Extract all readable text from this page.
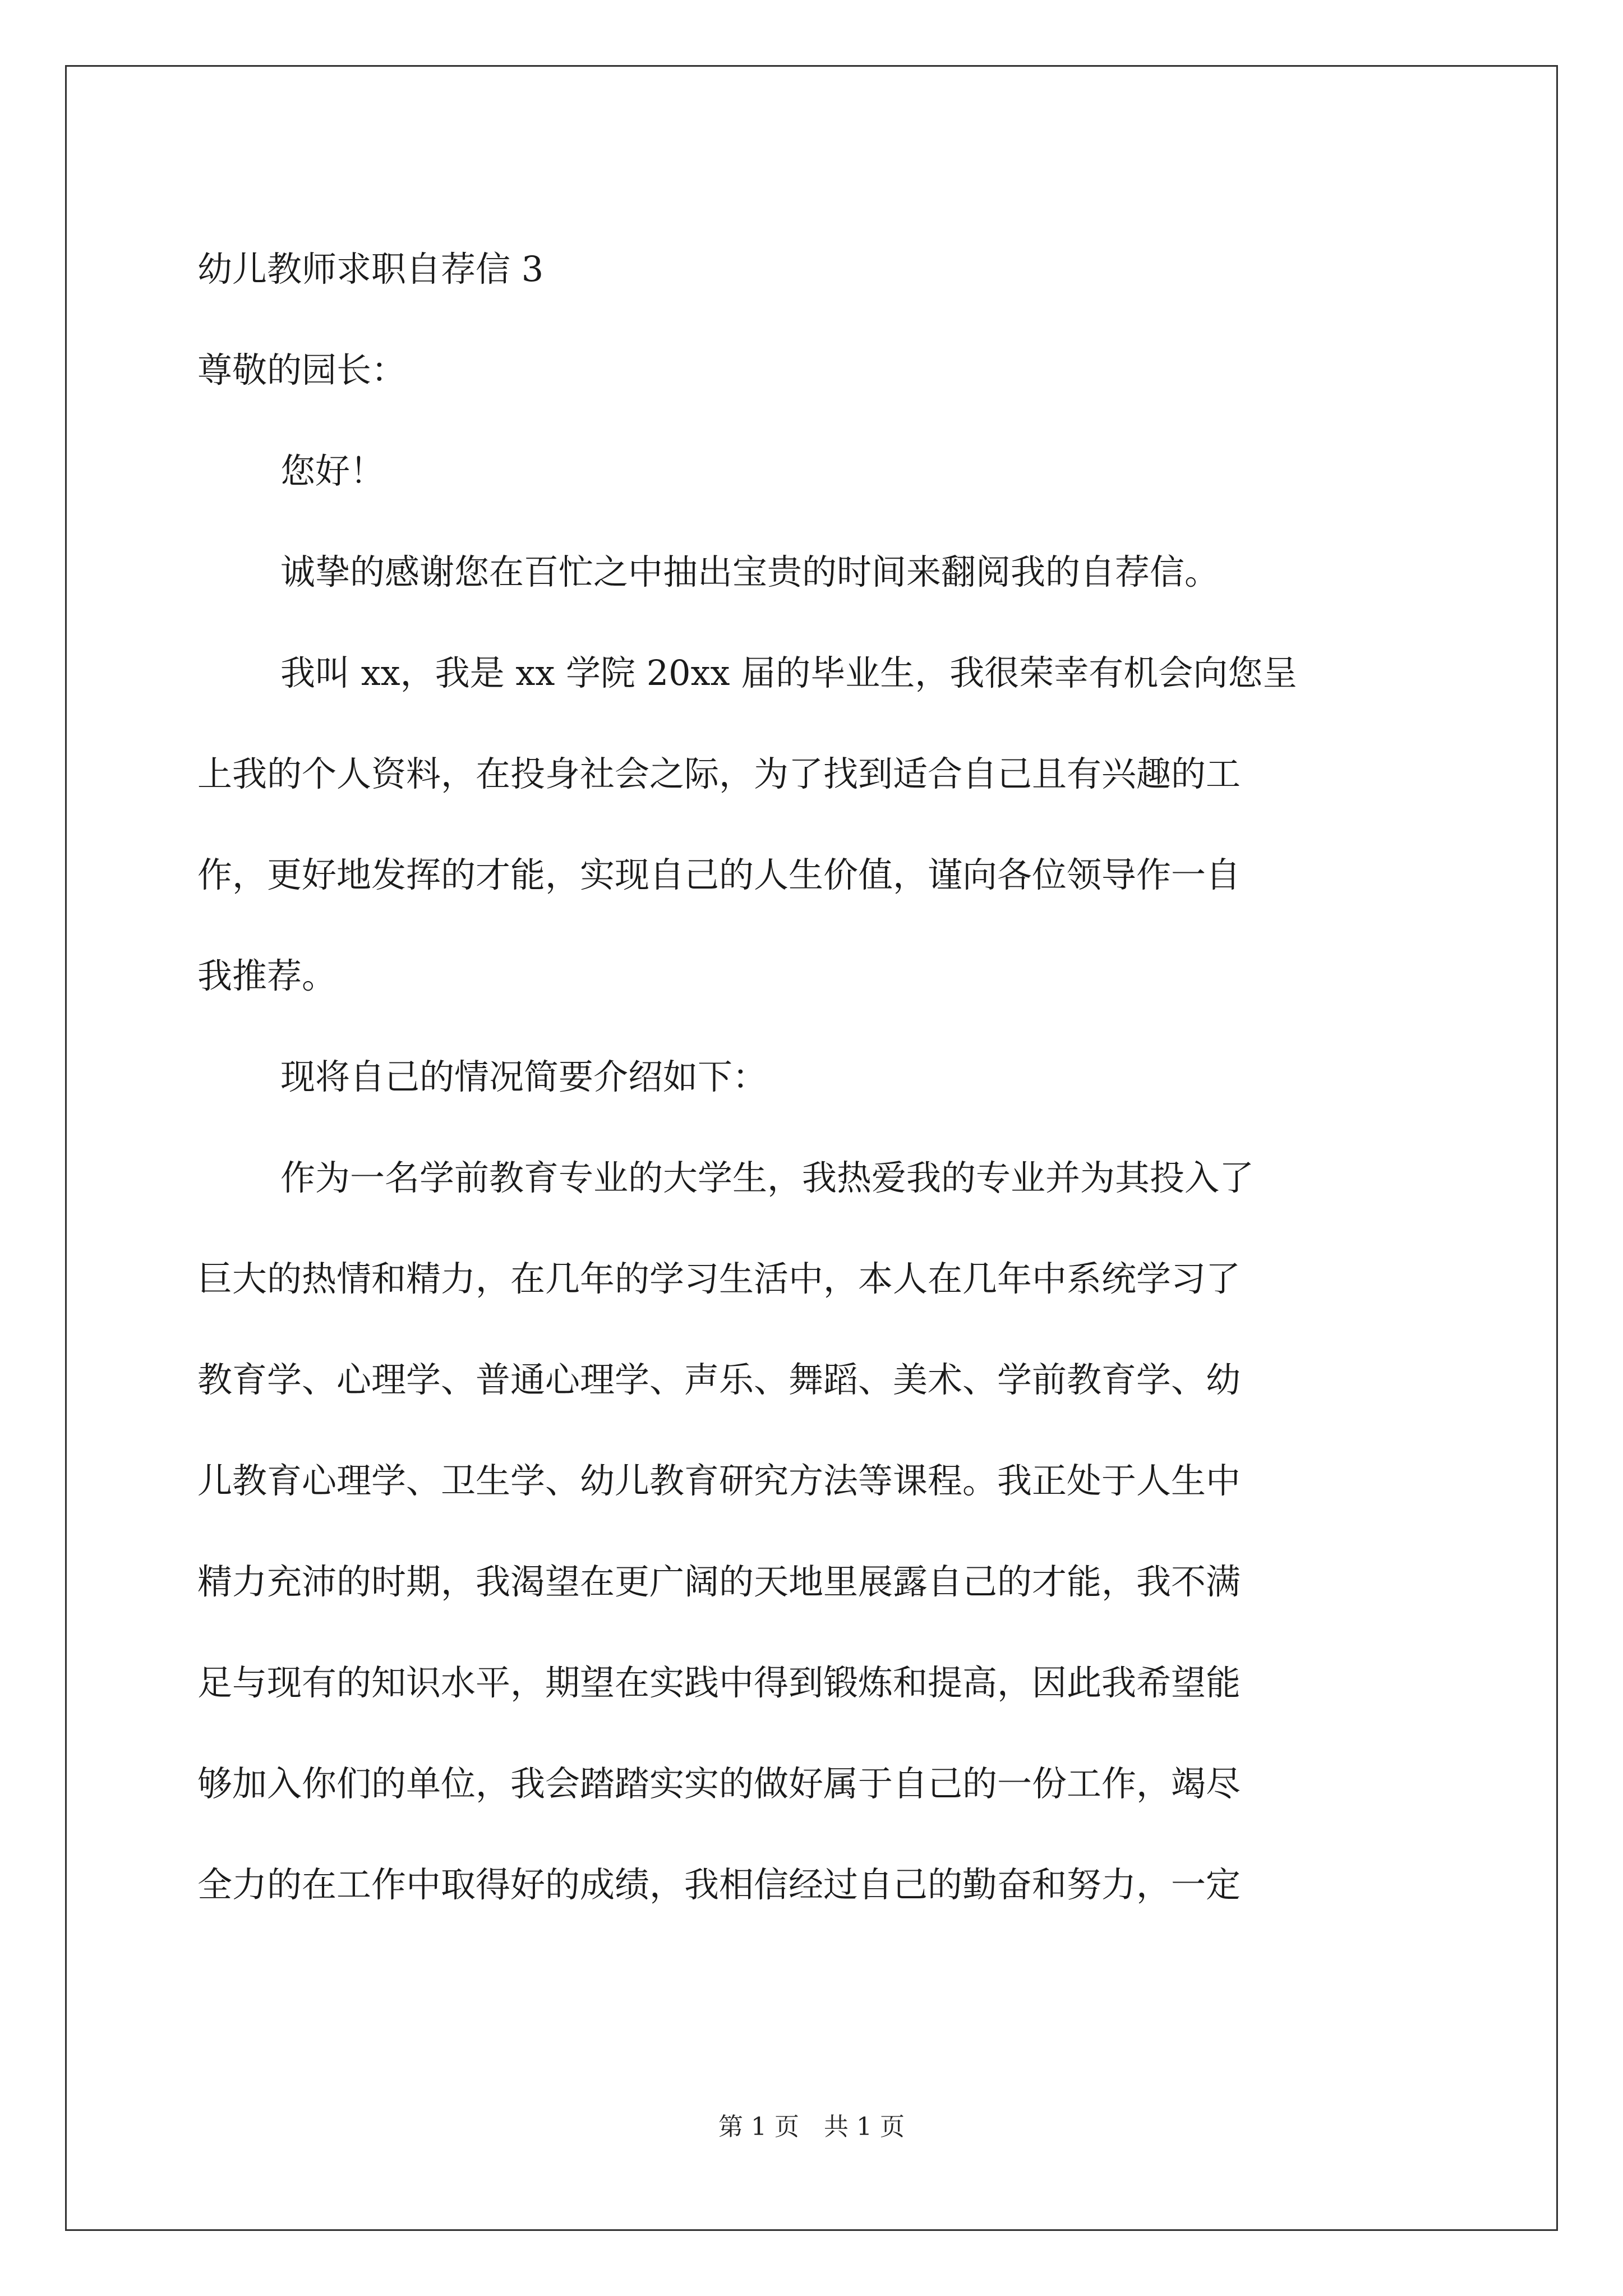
幼儿教师求职自荐信 3
尊敬的园长：
您好！
诚挚的感谢您在百忙之中抽出宝贵的时间来翻阅我的自荐信。
我叫 xx，我是 xx 学院 20xx 届的毕业生，我很荣幸有机会向您呈
上我的个人资料，在投身社会之际，为了找到适合自己且有兴趣的工
作，更好地发挥的才能，实现自己的人生价值，谨向各位领导作一自
我推荐。
现将自己的情况简要介绍如下：
作为一名学前教育专业的大学生，我热爱我的专业并为其投入了
巨大的热情和精力，在几年的学习生活中，本人在几年中系统学习了
教育学、心理学、普通心理学、声乐、舞蹈、美术、学前教育学、幼
儿教育心理学、卫生学、幼儿教育研究方法等课程。我正处于人生中
精力充沛的时期，我渴望在更广阔的天地里展露自己的才能，我不满
足与现有的知识水平，期望在实践中得到锻炼和提高，因此我希望能
够加入你们的单位，我会踏踏实实的做好属于自己的一份工作，竭尽
全力的在工作中取得好的成绩，我相信经过自己的勤奋和努力，一定
第 1 页　共 1 页
